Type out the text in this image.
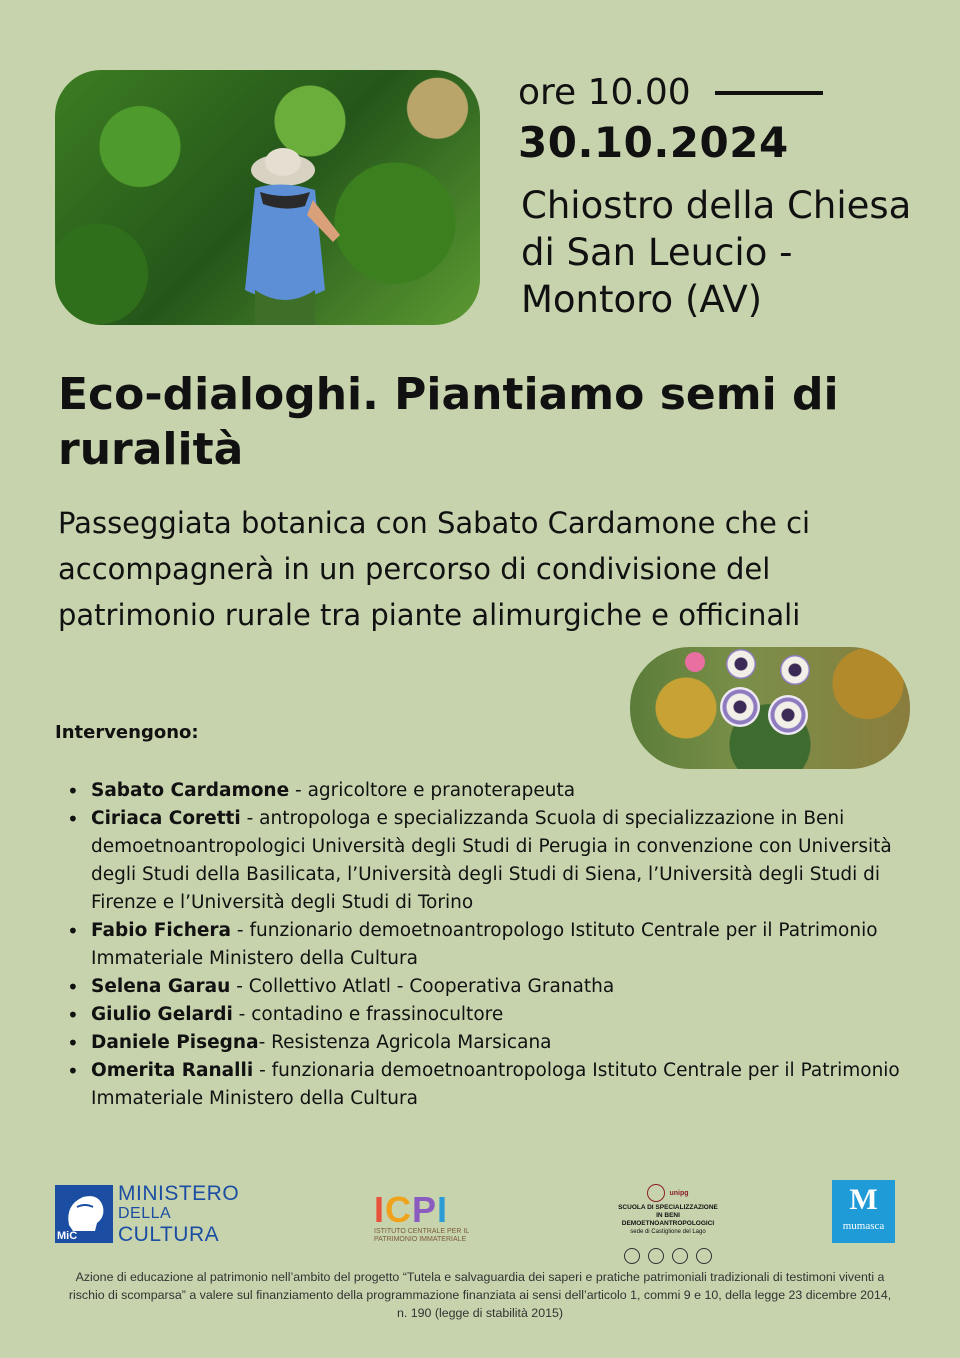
ore 10.00
30.10.2024
Chiostro della Chiesa
di San Leucio -
Montoro (AV)
Eco-dialoghi. Piantiamo semi di ruralità
Passeggiata botanica con Sabato Cardamone che ci accompagnerà in un percorso di condivisione del patrimonio rurale tra piante alimurgiche e officinali
Intervengono:
• Sabato Cardamone - agricoltore e pranoterapeuta
• Ciriaca Coretti - antropologa e specializzanda Scuola di specializzazione in Beni demoetnoantropologici Università degli Studi di Perugia in convenzione con Università degli Studi della Basilicata, l’Università degli Studi di Siena, l’Università degli Studi di Firenze e l’Università degli Studi di Torino
• Fabio Fichera - funzionario demoetnoantropologo Istituto Centrale per il Patrimonio Immateriale Ministero della Cultura
• Selena Garau - Collettivo Atlatl - Cooperativa Granatha
• Giulio Gelardi - contadino e frassinocultore
• Daniele Pisegna- Resistenza Agricola Marsicana
• Omerita Ranalli - funzionaria demoetnoantropologa Istituto Centrale per il Patrimonio Immateriale Ministero della Cultura
MiC
MINISTERO
DELLA
CULTURA
ICPI
ISTITUTO CENTRALE PER IL
PATRIMONIO IMMATERIALE
unipg
SCUOLA DI SPECIALIZZAZIONE
IN BENI DEMOETNOANTROPOLOGICI
sede di Castiglione del Lago
M
mumasca
Azione di educazione al patrimonio nell’ambito del progetto “Tutela e salvaguardia dei saperi e pratiche patrimoniali tradizionali di testimoni viventi a rischio di scomparsa” a valere sul finanziamento della programmazione finanziata ai sensi dell’articolo 1, commi 9 e 10, della legge 23 dicembre 2014, n. 190 (legge di stabilità 2015)
